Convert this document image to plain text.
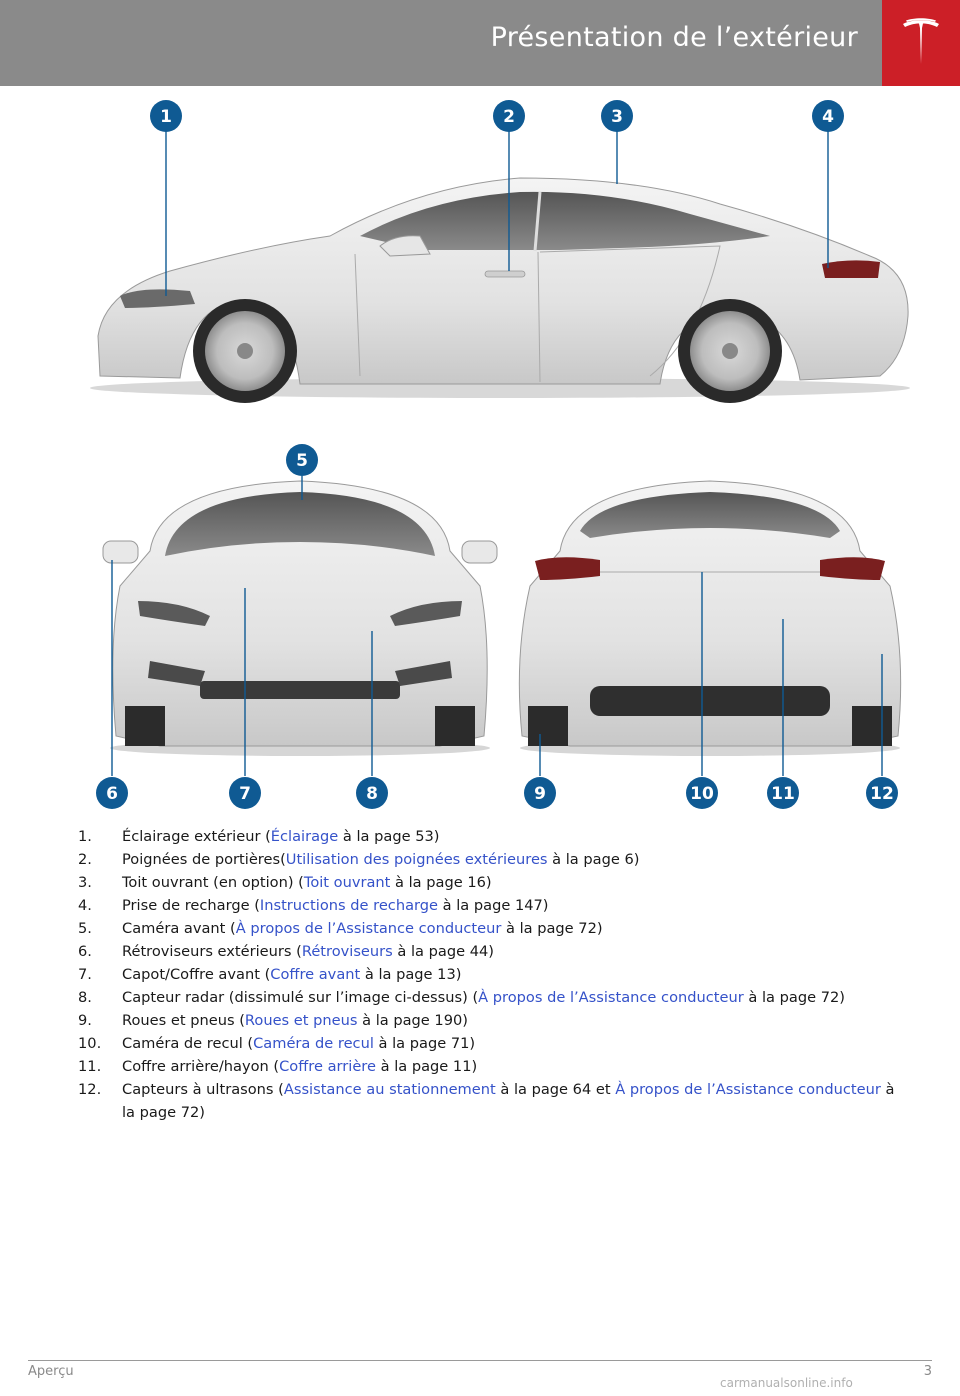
Présentation de l’extérieur
1	2	3	4
5
6	7	8	9	10	11	12
1. Éclairage extérieur (Éclairage à la page 53)
2. Poignées de portières(Utilisation des poignées extérieures à la page 6)
3. Toit ouvrant (en option) (Toit ouvrant à la page 16)
4. Prise de recharge (Instructions de recharge à la page 147)
5. Caméra avant (À propos de l’Assistance conducteur à la page 72)
6. Rétroviseurs extérieurs (Rétroviseurs à la page 44)
7. Capot/Coffre avant (Coffre avant à la page 13)
8. Capteur radar (dissimulé sur l’image ci-dessus) (À propos de l’Assistance conducteur à la page 72)
9. Roues et pneus (Roues et pneus à la page 190)
10. Caméra de recul (Caméra de recul à la page 71)
11. Coffre arrière/hayon (Coffre arrière à la page 11)
12. Capteurs à ultrasons (Assistance au stationnement à la page 64 et À propos de l’Assistance conducteur à la page 72)
Aperçu	3
carmanualsonline.info
